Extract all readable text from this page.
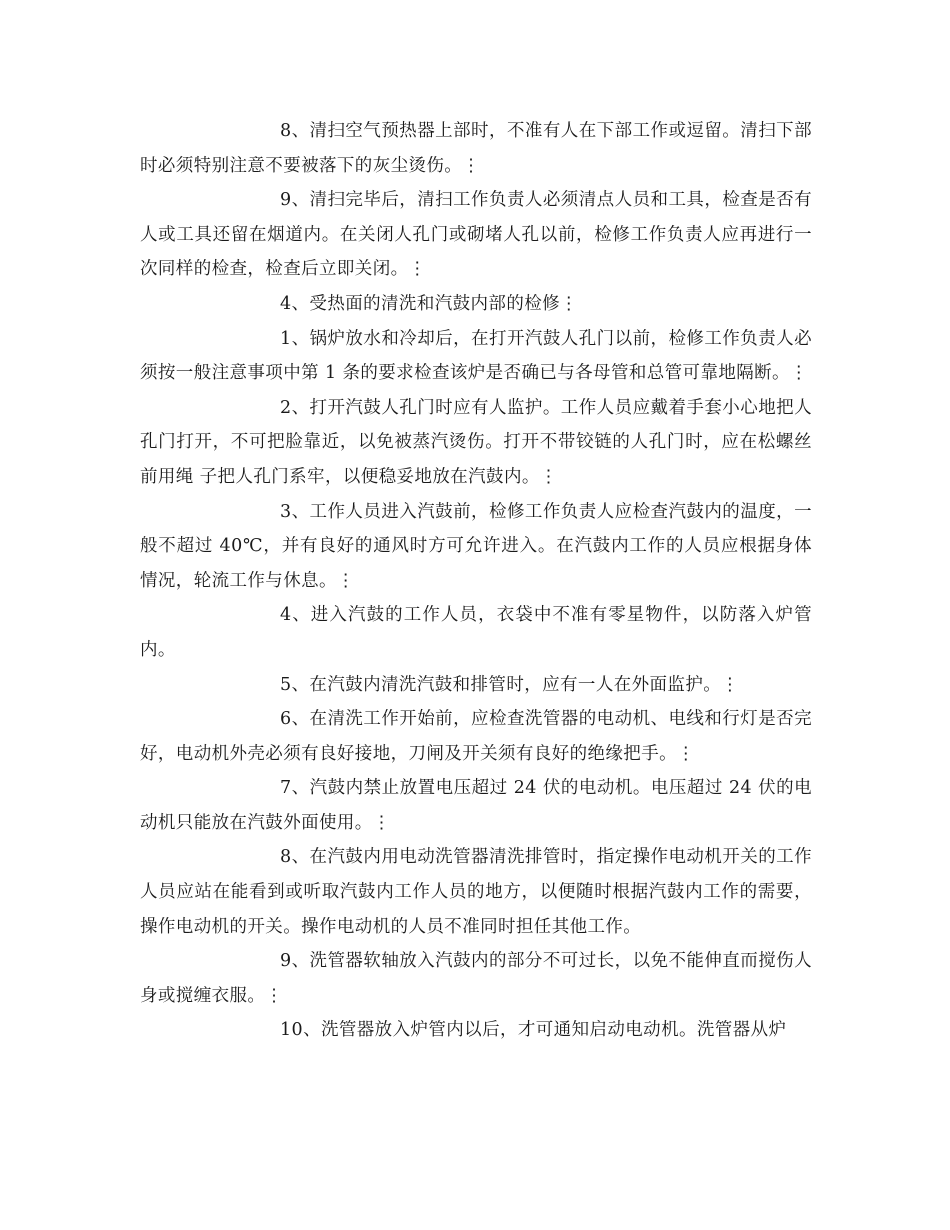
8、清扫空气预热器上部时，不准有人在下部工作或逗留。清扫下部时必须特别注意不要被落下的灰尘烫伤。⋮

9、清扫完毕后，清扫工作负责人必须清点人员和工具，检查是否有人或工具还留在烟道内。在关闭人孔门或砌堵人孔以前，检修工作负责人应再进行一次同样的检查，检查后立即关闭。⋮

4、受热面的清洗和汽鼓内部的检修⋮

1、锅炉放水和冷却后，在打开汽鼓人孔门以前，检修工作负责人必须按一般注意事项中第 1 条的要求检查该炉是否确已与各母管和总管可靠地隔断。⋮

2、打开汽鼓人孔门时应有人监护。工作人员应戴着手套小心地把人孔门打开，不可把脸靠近，以免被蒸汽烫伤。打开不带铰链的人孔门时，应在松螺丝前用绳 子把人孔门系牢，以便稳妥地放在汽鼓内。⋮

3、工作人员进入汽鼓前，检修工作负责人应检查汽鼓内的温度，一般不超过 40℃，并有良好的通风时方可允许进入。在汽鼓内工作的人员应根据身体情况，轮流工作与休息。⋮

4、进入汽鼓的工作人员，衣袋中不准有零星物件，以防落入炉管内。

5、在汽鼓内清洗汽鼓和排管时，应有一人在外面监护。⋮

6、在清洗工作开始前，应检查洗管器的电动机、电线和行灯是否完好，电动机外壳必须有良好接地，刀闸及开关须有良好的绝缘把手。⋮

7、汽鼓内禁止放置电压超过 24 伏的电动机。电压超过 24 伏的电动机只能放在汽鼓外面使用。⋮

8、在汽鼓内用电动洗管器清洗排管时，指定操作电动机开关的工作人员应站在能看到或听取汽鼓内工作人员的地方，以便随时根据汽鼓内工作的需要，操作电动机的开关。操作电动机的人员不准同时担任其他工作。

9、洗管器软轴放入汽鼓内的部分不可过长，以免不能伸直而搅伤人身或搅缠衣服。⋮

10、洗管器放入炉管内以后，才可通知启动电动机。洗管器从炉
